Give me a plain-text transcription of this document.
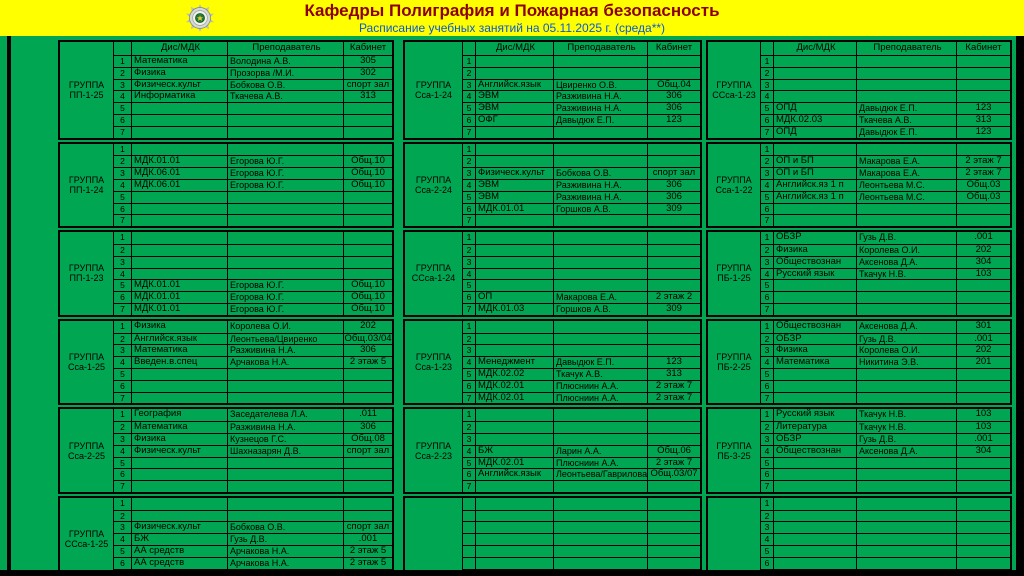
Кафедры Полиграфия и Пожарная безопасность
Расписание учебных занятий на 05.11.2025 г. (среда**)
ГРУППА
ПП-1-25
Дис/МДК	Преподаватель	Кабинет
1 Математика	Володина А.В.	305
2 Физика	Прозорва /М.И.	302
3 Физическ.культ	Бобкова О.В.	спорт зал
4 Информатика	Ткачева А.В.	313
5
6
7
ГРУППА
ПП-1-24
1
2 МДК.01.01	Егорова Ю.Г.	Общ.10
3 МДК.06.01	Егорова Ю.Г.	Общ.10
4 МДК.06.01	Егорова Ю.Г.	Общ.10
5
6
7
ГРУППА
ПП-1-23
1
2
3
4
5 МДК.01.01	Егорова Ю.Г.	Общ.10
6 МДК.01.01	Егорова Ю.Г.	Общ.10
7 МДК.01.01	Егорова Ю.Г.	Общ.10
ГРУППА
Сса-1-25
1 Физика	Королева О.И.	202
2 Английск.язык	Леонтьева/Цвиренко	Общ.03/04
3 Математика	Разживина Н.А.	306
4 Введен.в.спец	Арчакова Н.А.	2 этаж 5
5
6
7
ГРУППА
Сса-2-25
1 География	Заседателева Л.А.	.011
2 Математика	Разживина Н.А.	306
3 Физика	Кузнецов Г.С.	Общ.08
4 Физическ.культ	Шахназарян Д.В.	спорт зал
5
6
7
ГРУППА
ССса-1-25
1
2
3 Физическ.культ	Бобкова О.В.	спорт зал
4 БЖ	Гузь Д.В.	.001
5 АА средств	Арчакова Н.А.	2 этаж 5
6 АА средств	Арчакова Н.А.	2 этаж 5
ГРУППА
Сса-1-24
Дис/МДК	Преподаватель	Кабинет
1
2
3 Английск.язык	Цвиренко О.В.	Общ.04
4 ЭВМ	Разживина Н.А.	306
5 ЭВМ	Разживина Н.А.	306
6 ОФГ	Давыдюк Е.П.	123
7
ГРУППА
Сса-2-24
1
2
3 Физическ.культ	Бобкова О.В.	спорт зал
4 ЭВМ	Разживина Н.А.	306
5 ЭВМ	Разживина Н.А.	306
6 МДК.01.01	Горшков А.В.	309
7
ГРУППА
ССса-1-24
1
2
3
4
5
6 ОП	Макарова Е.А.	2 этаж 2
7 МДК.01.03	Горшков А.В.	309
ГРУППА
Сса-1-23
1
2
3
4 Менеджмент	Давыдюк Е.П.	123
5 МДК.02.02	Ткачук А.В.	313
6 МДК.02.01	Плюсниин А.А.	2 этаж 7
7 МДК.02.01	Плюсниин А.А.	2 этаж 7
ГРУППА
Сса-2-23
1
2
3
4 БЖ	Ларин А.А.	Общ.06
5 МДК.02.01	Плюсниин А.А.	2 этаж 7
6 Английск.язык	Леонтьева/Гаврилова Общ.03/07
7
ГРУППА
ССса-1-23
Дис/МДК	Преподаватель	Кабинет
1
2
3
4
5 ОПД	Давыдюк Е.П.	123
6 МДК.02.03	Ткачева А.В.	313
7 ОПД	Давыдюк Е.П.	123
ГРУППА
Сса-1-22
1
2 ОП и БП	Макарова Е.А.	2 этаж 7
3 ОП и БП	Макарова Е.А.	2 этаж 7
4 Английск.яз 1 п	Леонтьева М.С.	Общ.03
5 Английск.яз 1 п	Леонтьева М.С.	Общ.03
6
7
ГРУППА
ПБ-1-25
1 ОБЗР	Гузь Д.В.	.001
2 Физика	Королева О.И.	202
3 Обществознан	Аксенова Д.А.	304
4 Русский язык	Ткачук Н.В.	103
5
6
7
ГРУППА
ПБ-2-25
1 Обществознан	Аксенова Д.А.	301
2 ОБЗР	Гузь Д.В.	.001
3 Физика	Королева О.И.	202
4 Математика	Никитина Э.В.	201
5
6
7
ГРУППА
ПБ-3-25
1 Русский язык	Ткачук Н.В.	103
2 Литература	Ткачук Н.В.	103
3 ОБЗР	Гузь Д.В.	.001
4 Обществознан	Аксенова Д.А.	304
5
6
7
1
2
3
4
5
6
